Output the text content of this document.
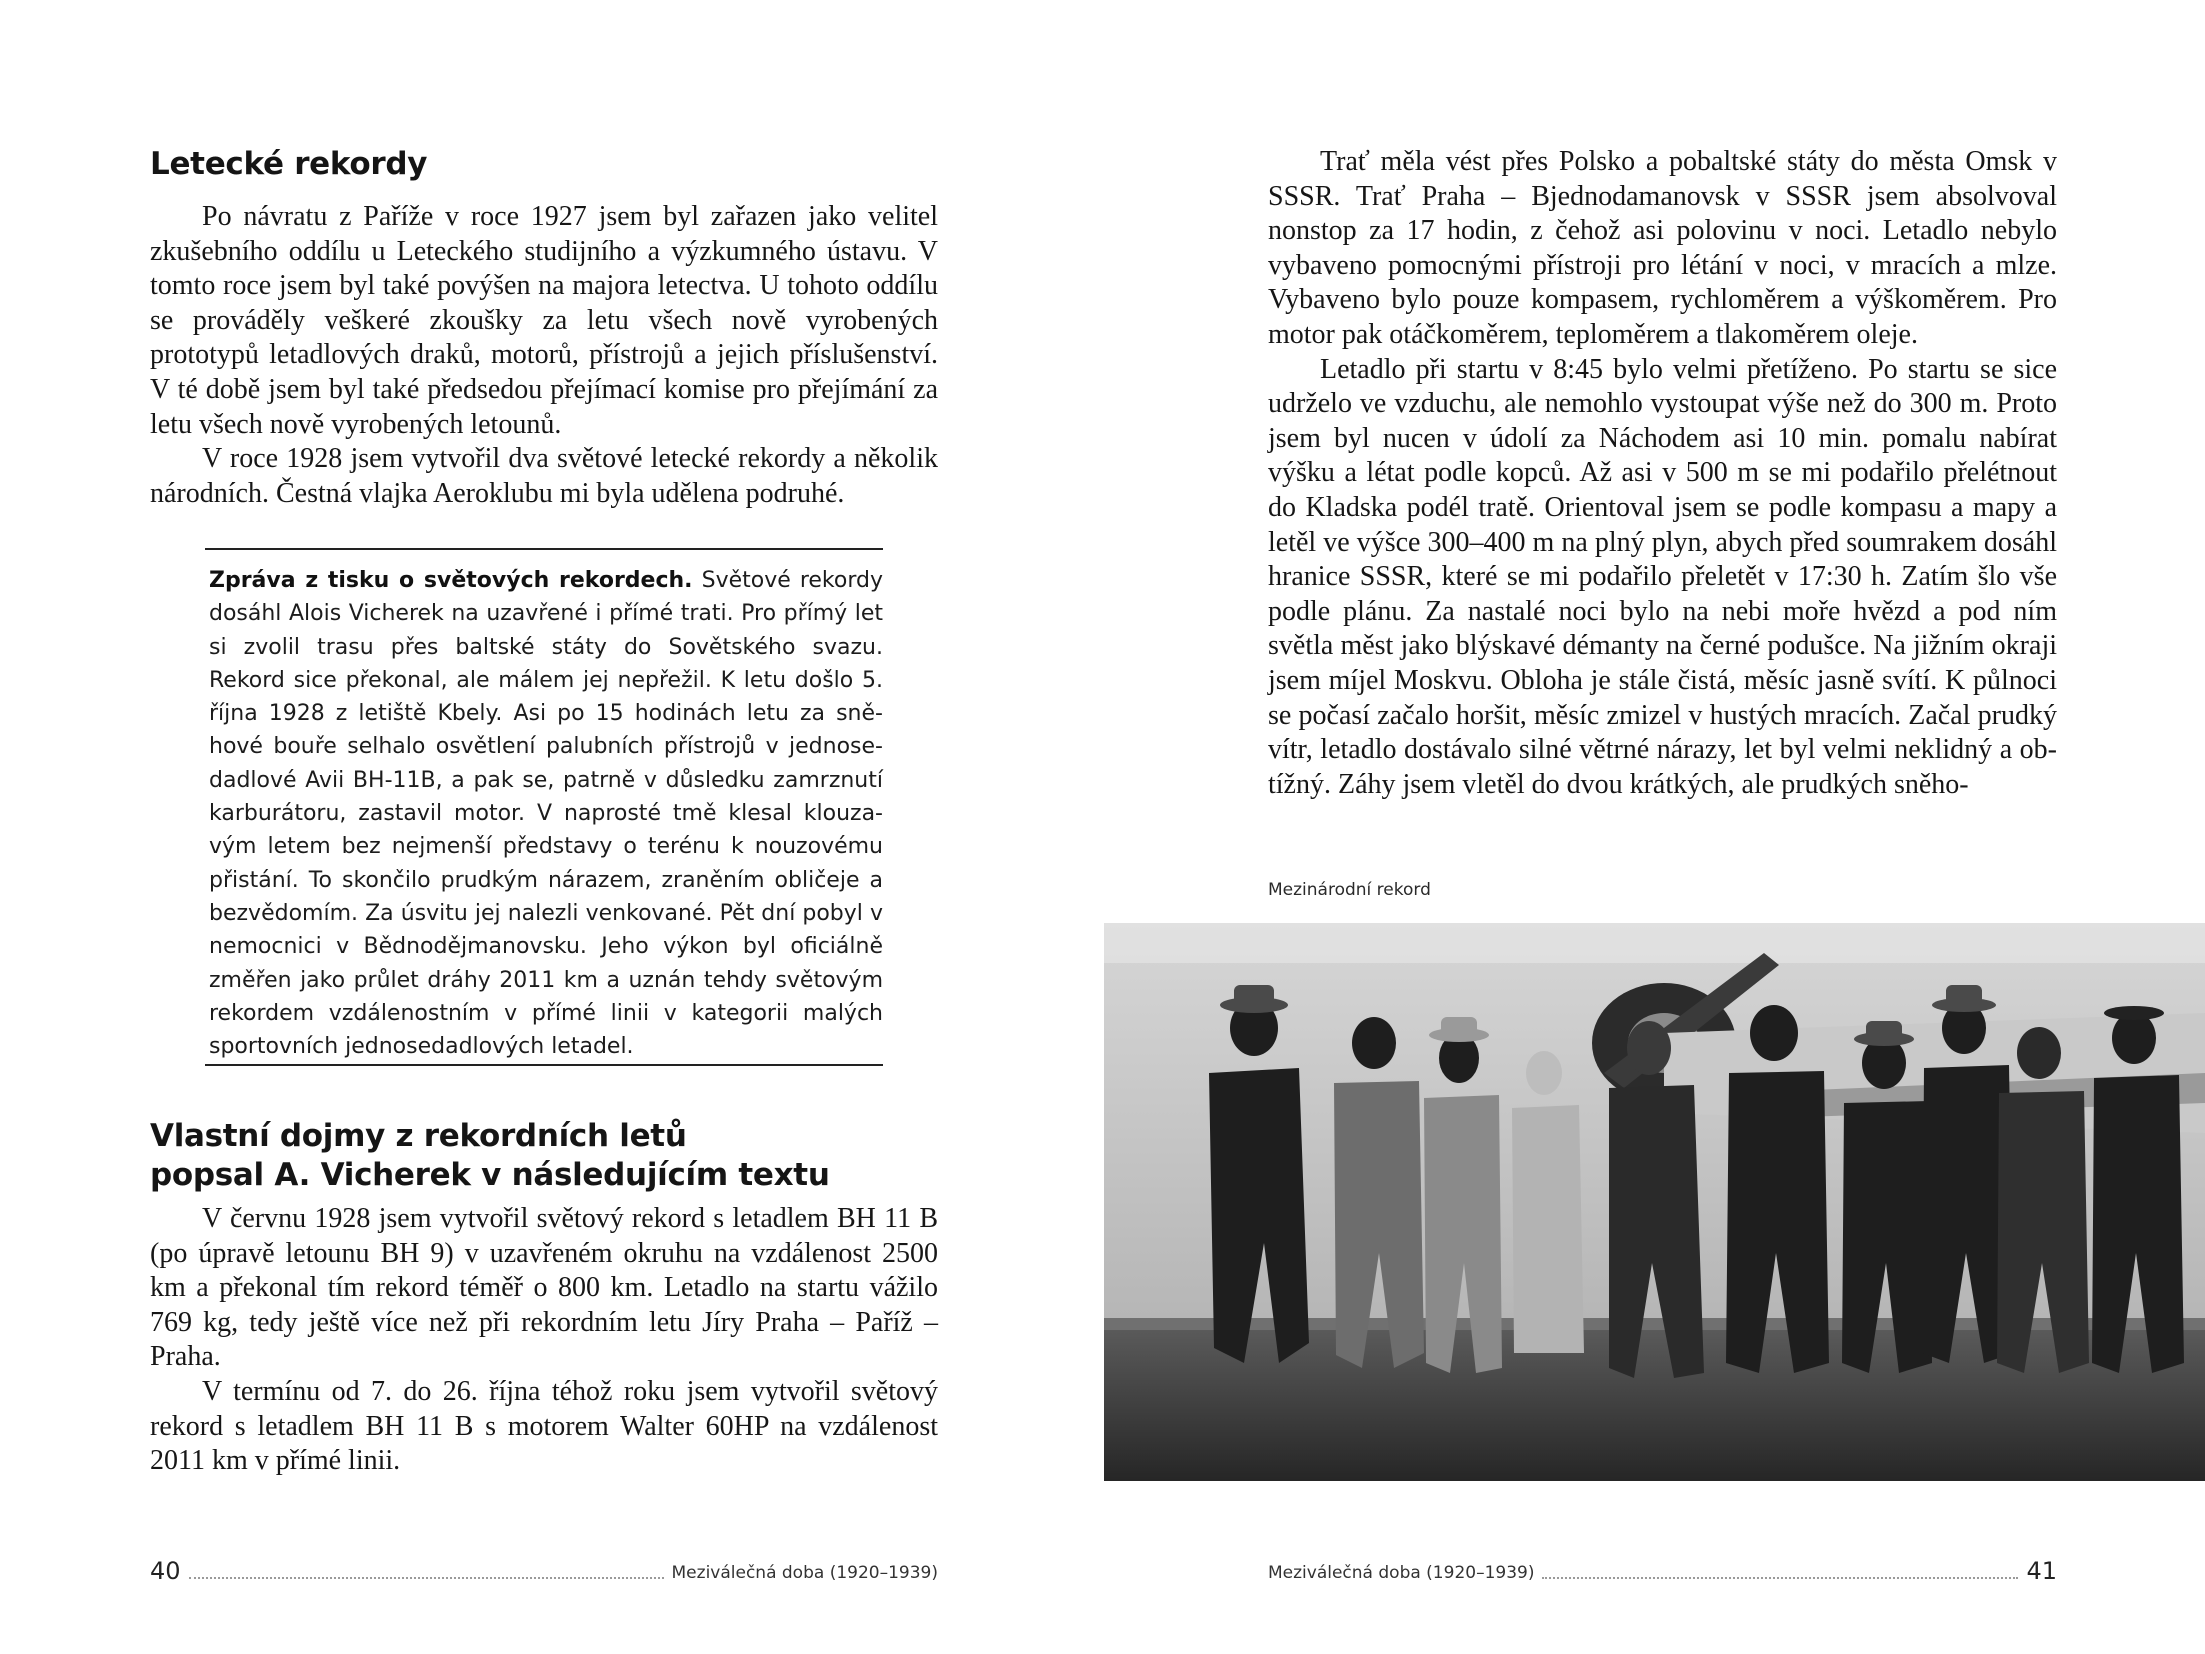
Letecké rekordy

Po návratu z Paříže v roce 1927 jsem byl zařazen jako velitel zkušebního oddílu u Leteckého studijního a výzkumného ústavu. V tomto roce jsem byl také povýšen na majora letectva. U tohoto oddílu se prováděly veškeré zkoušky za letu všech nově vyrobených prototypů letadlových draků, motorů, přístrojů a jejich příslušenství. V té době jsem byl také předsedou přejímací komise pro přejímání za letu všech nově vyrobených letounů.

V roce 1928 jsem vytvořil dva světové letecké rekordy a několik národních. Čestná vlajka Aeroklubu mi byla udělena podruhé.

Zpráva z tisku o světových rekordech. Světové rekordy dosáhl Alois Vicherek na uzavřené i přímé trati. Pro přímý let si zvolil trasu přes baltské státy do Sovětského svazu. Rekord sice překonal, ale málem jej nepřežil. K letu došlo 5. října 1928 z letiště Kbely. Asi po 15 hodinách letu za sněhové bouře selhalo osvětlení palubních přístrojů v jednosedadlové Avii BH-11B, a pak se, patrně v důsledku zamrznutí karburátoru, zastavil motor. V naprosté tmě klesal klouzavým letem bez nejmenší představy o terénu k nouzovému přistání. To skončilo prudkým nárazem, zraněním obličeje a bezvědomím. Za úsvitu jej nalezli venkované. Pět dní pobyl v nemocnici v Bědnodějmanovsku. Jeho výkon byl oficiálně změřen jako průlet dráhy 2011 km a uznán tehdy světovým rekordem vzdálenostním v přímé linii v kategorii malých sportovních jednosedadlových letadel.

Vlastní dojmy z rekordních letů
popsal A. Vicherek v následujícím textu

V červnu 1928 jsem vytvořil světový rekord s letadlem BH 11 B (po úpravě letounu BH 9) v uzavřeném okruhu na vzdálenost 2500 km a překonal tím rekord téměř o 800 km. Letadlo na startu vážilo 769 kg, tedy ještě více než při rekordním letu Jíry Praha – Paříž – Praha.

V termínu od 7. do 26. října téhož roku jsem vytvořil světový rekord s letadlem BH 11 B s motorem Walter 60HP na vzdálenost 2011 km v přímé linii.

40	Meziválečná doba (1920–1939)

Trať měla vést přes Polsko a pobaltské státy do města Omsk v SSSR. Trať Praha – Bjednodamanovsk v SSSR jsem absolvoval nonstop za 17 hodin, z čehož asi polovinu v noci. Letadlo nebylo vybaveno pomocnými přístroji pro létání v noci, v mracích a mlze. Vybaveno bylo pouze kompasem, rychloměrem a výškoměrem. Pro motor pak otáčkoměrem, teploměrem a tlakoměrem oleje.

Letadlo při startu v 8:45 bylo velmi přetíženo. Po startu se sice udrželo ve vzduchu, ale nemohlo vystoupat výše než do 300 m. Proto jsem byl nucen v údolí za Náchodem asi 10 min. pomalu nabírat výšku a létat podle kopců. Až asi v 500 m se mi podařilo přelétnout do Kladska podél tratě. Orientoval jsem se podle kompasu a mapy a letěl ve výšce 300–400 m na plný plyn, abych před soumrakem dosáhl hranice SSSR, které se mi podařilo přeletět v 17:30 h. Zatím šlo vše podle plánu. Za nastalé noci bylo na nebi moře hvězd a pod ním světla měst jako blýskavé démanty na černé podušce. Na jižním okraji jsem míjel Moskvu. Obloha je stále čistá, měsíc jasně svítí. K půlnoci se počasí začalo horšit, měsíc zmizel v hustých mracích. Začal prudký vítr, letadlo dostávalo silné větrné nárazy, let byl velmi neklidný a obtížný. Záhy jsem vletěl do dvou krátkých, ale prudkých sněho-

Mezinárodní rekord
Meziválečná doba (1920–1939)	41
